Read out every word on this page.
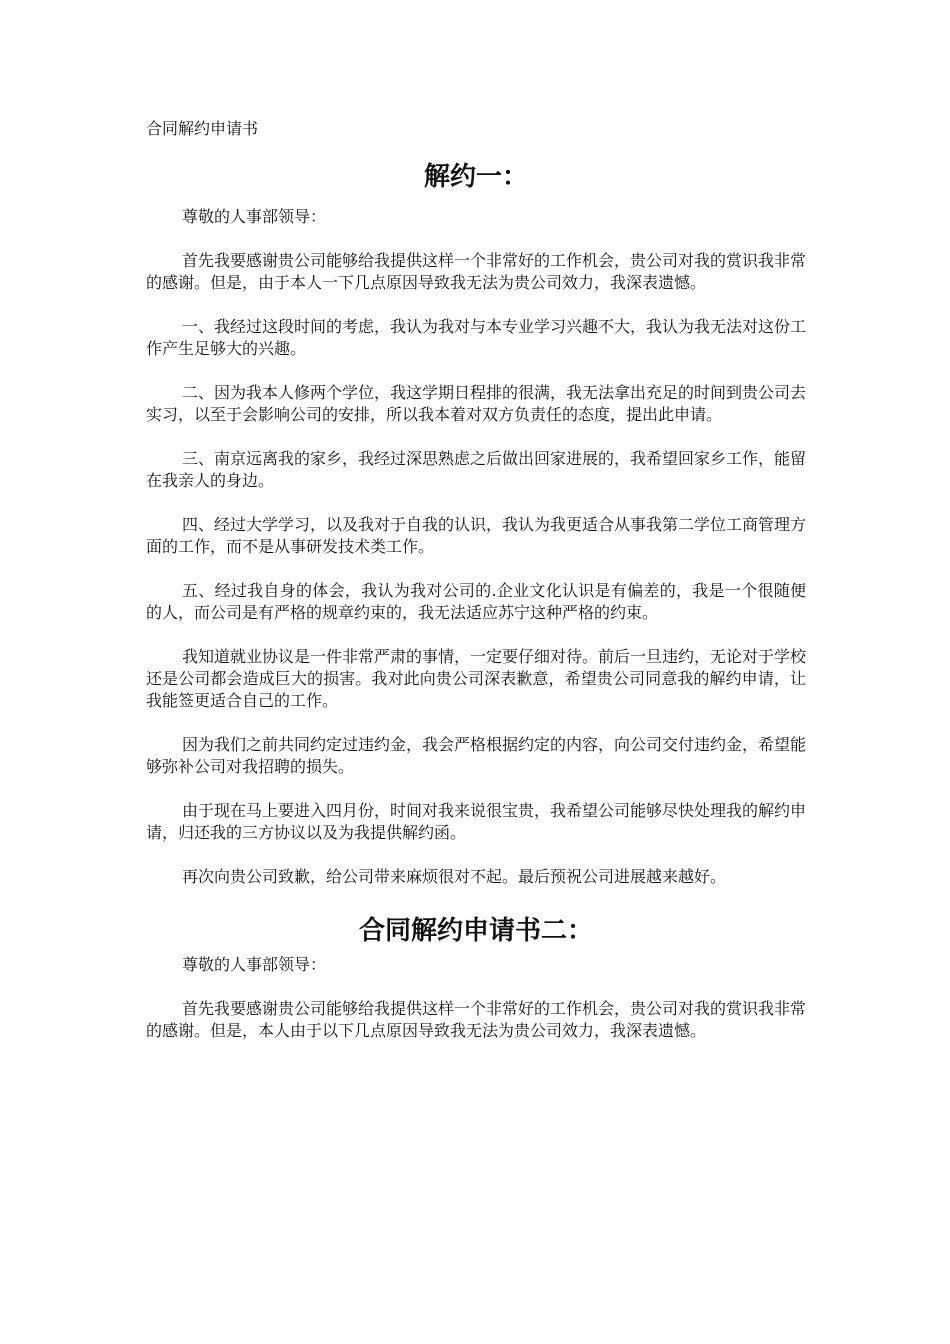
合同解约申请书

解约一：

尊敬的人事部领导：

首先我要感谢贵公司能够给我提供这样一个非常好的工作机会，贵公司对我的赏识我非常的感谢。但是，由于本人一下几点原因导致我无法为贵公司效力，我深表遗憾。

一、我经过这段时间的考虑，我认为我对与本专业学习兴趣不大，我认为我无法对这份工作产生足够大的兴趣。

二、因为我本人修两个学位，我这学期日程排的很满，我无法拿出充足的时间到贵公司去实习，以至于会影响公司的安排，所以我本着对双方负责任的态度，提出此申请。

三、南京远离我的家乡，我经过深思熟虑之后做出回家进展的，我希望回家乡工作，能留在我亲人的身边。

四、经过大学学习，以及我对于自我的认识，我认为我更适合从事我第二学位工商管理方面的工作，而不是从事研发技术类工作。

五、经过我自身的体会，我认为我对公司的.企业文化认识是有偏差的，我是一个很随便的人，而公司是有严格的规章约束的，我无法适应苏宁这种严格的约束。

我知道就业协议是一件非常严肃的事情，一定要仔细对待。前后一旦违约，无论对于学校还是公司都会造成巨大的损害。我对此向贵公司深表歉意，希望贵公司同意我的解约申请，让我能签更适合自己的工作。

因为我们之前共同约定过违约金，我会严格根据约定的内容，向公司交付违约金，希望能够弥补公司对我招聘的损失。

由于现在马上要进入四月份，时间对我来说很宝贵，我希望公司能够尽快处理我的解约申请，归还我的三方协议以及为我提供解约函。

再次向贵公司致歉，给公司带来麻烦很对不起。最后预祝公司进展越来越好。

合同解约申请书二：

尊敬的人事部领导：

首先我要感谢贵公司能够给我提供这样一个非常好的工作机会，贵公司对我的赏识我非常的感谢。但是，本人由于以下几点原因导致我无法为贵公司效力，我深表遗憾。
